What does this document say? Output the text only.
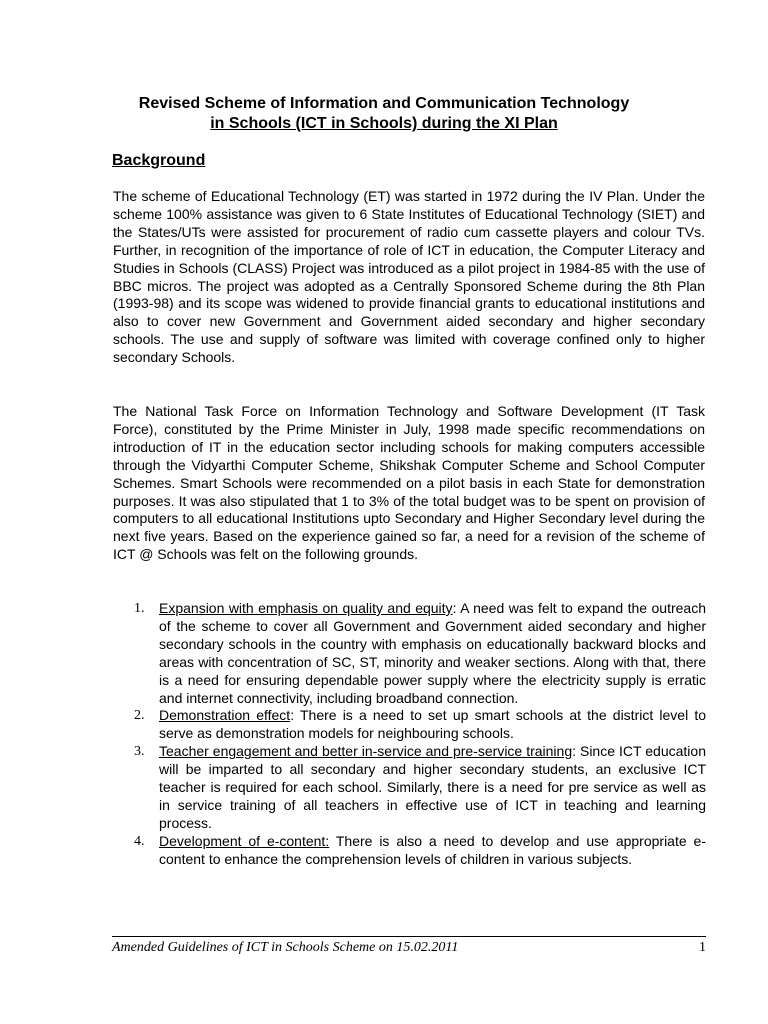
Revised Scheme of Information and Communication Technology
in Schools (ICT in Schools) during the XI Plan
Background

The scheme of Educational Technology (ET) was started in 1972 during the IV Plan. Under the scheme 100% assistance was given to 6 State Institutes of Educational Technology (SIET) and the States/UTs were assisted for procurement of radio cum cassette players and colour TVs. Further, in recognition of the importance of role of ICT in education, the Computer Literacy and Studies in Schools (CLASS) Project was introduced as a pilot project in 1984-85 with the use of BBC micros. The project was adopted as a Centrally Sponsored Scheme during the 8th Plan (1993-98) and its scope was widened to provide financial grants to educational institutions and also to cover new Government and Government aided secondary and higher secondary schools. The use and supply of software was limited with coverage confined only to higher secondary Schools.

The National Task Force on Information Technology and Software Development (IT Task Force), constituted by the Prime Minister in July, 1998 made specific recommendations on introduction of IT in the education sector including schools for making computers accessible through the Vidyarthi Computer Scheme, Shikshak Computer Scheme and School Computer Schemes. Smart Schools were recommended on a pilot basis in each State for demonstration purposes. It was also stipulated that 1 to 3% of the total budget was to be spent on provision of computers to all educational Institutions upto Secondary and Higher Secondary level during the next five years. Based on the experience gained so far, a need for a revision of the scheme of ICT @ Schools was felt on the following grounds.

1. Expansion with emphasis on quality and equity: A need was felt to expand the outreach of the scheme to cover all Government and Government aided secondary and higher secondary schools in the country with emphasis on educationally backward blocks and areas with concentration of SC, ST, minority and weaker sections. Along with that, there is a need for ensuring dependable power supply where the electricity supply is erratic and internet connectivity, including broadband connection.
2. Demonstration effect: There is a need to set up smart schools at the district level to serve as demonstration models for neighbouring schools.
3. Teacher engagement and better in-service and pre-service training: Since ICT education will be imparted to all secondary and higher secondary students, an exclusive ICT teacher is required for each school. Similarly, there is a need for pre service as well as in service training of all teachers in effective use of ICT in teaching and learning process.
4. Development of e-content: There is also a need to develop and use appropriate e-content to enhance the comprehension levels of children in various subjects.
Amended Guidelines of ICT in Schools Scheme on 15.02.2011	1
